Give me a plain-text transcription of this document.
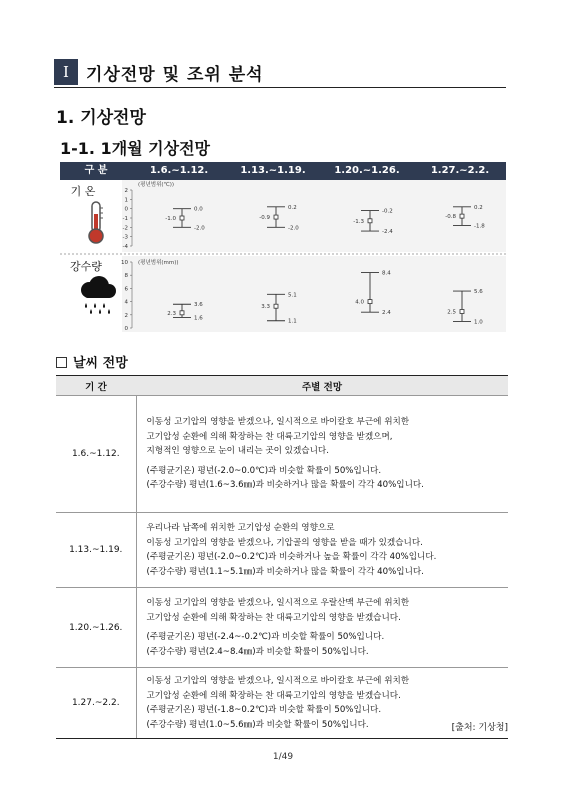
Ⅰ	기상전망 및 조위 분석
1. 기상전망
1-1. 1개월 기상전망
구 분	1.6.~1.12.	1.13.~1.19.	1.20.~1.26.	1.27.~2.2.
기 온
강수량
(평년범위(℃))
(평년범위(mm))
2
1
0
-1
-2
-3
-4
0.0
-2.0
-1.0
0.2
-2.0
-0.9
-0.2
-2.4
-1.3
0.2
-1.8
-0.8
10
8
6
4
2
0
3.6
1.6
2.3
5.1
1.1
3.3
8.4
2.4
4.0
5.6
1.0
2.5
날씨 전망
기 간	주별 전망
1.6.~1.12.	이동성 고기압의 영향을 받겠으나, 일시적으로 바이칼호 부근에 위치한
고기압성 순환에 의해 확장하는 찬 대륙고기압의 영향을 받겠으며,
지형적인 영향으로 눈이 내리는 곳이 있겠습니다.
(주평균기온) 평년(-2.0~0.0℃)과 비슷할 확률이 50%입니다.
(주강수량) 평년(1.6~3.6㎜)과 비슷하거나 많을 확률이 각각 40%입니다.

1.13.~1.19.	우리나라 남쪽에 위치한 고기압성 순환의 영향으로
이동성 고기압의 영향을 받겠으나, 기압골의 영향을 받을 때가 있겠습니다.
(주평균기온) 평년(-2.0~0.2℃)과 비슷하거나 높을 확률이 각각 40%입니다.
(주강수량) 평년(1.1~5.1㎜)과 비슷하거나 많을 확률이 각각 40%입니다.

1.20.~1.26.	이동성 고기압의 영향을 받겠으나, 일시적으로 우랄산맥 부근에 위치한
고기압성 순환에 의해 확장하는 찬 대륙고기압의 영향을 받겠습니다.
(주평균기온) 평년(-2.4~-0.2℃)과 비슷할 확률이 50%입니다.
(주강수량) 평년(2.4~8.4㎜)과 비슷할 확률이 50%입니다.

1.27.~2.2.	이동성 고기압의 영향을 받겠으나, 일시적으로 바이칼호 부근에 위치한
고기압성 순환에 의해 확장하는 찬 대륙고기압의 영향을 받겠습니다.
(주평균기온) 평년(-1.8~0.2℃)과 비슷할 확률이 50%입니다.
(주강수량) 평년(1.0~5.6㎜)과 비슷할 확률이 50%입니다.	[출처: 기상청]
1/49
